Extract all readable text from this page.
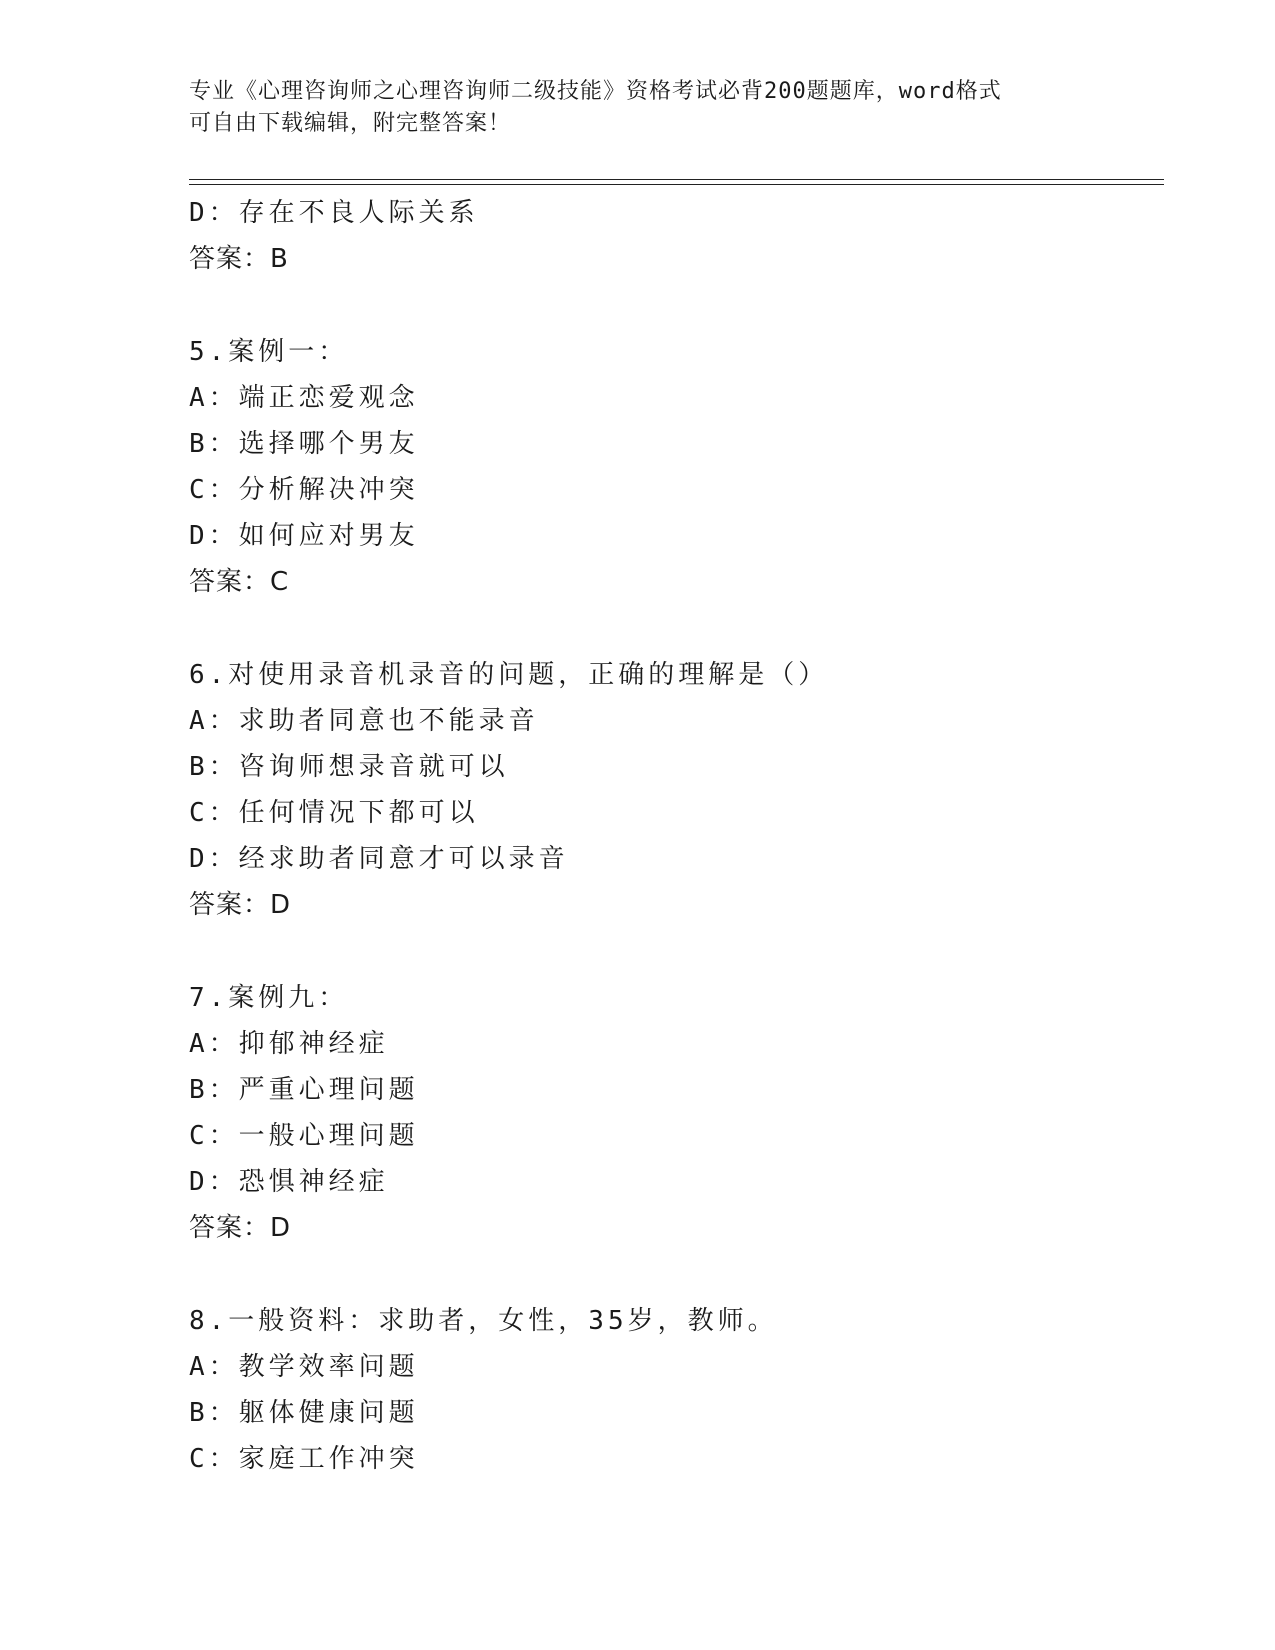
专业《心理咨询师之心理咨询师二级技能》资格考试必背200题题库，word格式
可自由下载编辑，附完整答案！
D：存在不良人际关系
答案：B
5.案例一：
A：端正恋爱观念
B：选择哪个男友
C：分析解决冲突
D：如何应对男友
答案：C
6.对使用录音机录音的问题，正确的理解是（）
A：求助者同意也不能录音
B：咨询师想录音就可以
C：任何情况下都可以
D：经求助者同意才可以录音
答案：D
7.案例九：
A：抑郁神经症
B：严重心理问题
C：一般心理问题
D：恐惧神经症
答案：D
8.一般资料：求助者，女性，35岁，教师。
A：教学效率问题
B：躯体健康问题
C：家庭工作冲突
